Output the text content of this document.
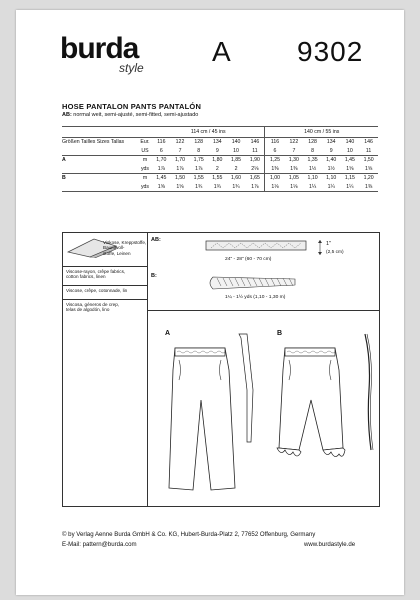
burda
style
A 9302
HOSE PANTALON PANTS PANTALÓN
AB: normal weit, semi-ajusté, semi-fitted, semi-ajustado
		114 cm / 45 ins						140 cm / 55 ins					
Größen Tailles Sizes Tallas	Eur.	116	122	128	134	140	146	116	122	128	134	140	146
	US	6	7	8	9	10	11	6	7	8	9	10	11
A	m	1,70	1,70	1,75	1,80	1,85	1,90	1,25	1,30	1,35	1,40	1,45	1,50
	yds	1⅞	1⅞	1⅞	2	2	2⅛	1⅜	1⅜	1½	1½	1⅝	1⅝
B	m	1,45	1,50	1,55	1,55	1,60	1,65	1,00	1,05	1,10	1,10	1,15	1,20
	yds	1⅝	1⅝	1¾	1¾	1¾	1⅞	1⅛	1⅛	1¼	1¼	1¼	1⅜
Viskose, Kreppstoffe, Baumwoll-
stoffe, Leinen
Viscose-rayon, crêpe fabrics,
cotton fabrics, linen
Viscose, crêpe, cotonnade, lin
Viscosa, géneros de crep,
telas de algodón, lino
AB:
1"
(2,5 cm)
24" - 28" (60 - 70 cm)
B:
1¼ - 1½ yds (1,10 - 1,30 m)
A	B
© by Verlag Aenne Burda GmbH & Co. KG, Hubert-Burda-Platz 2, 77652 Offenburg, Germany
E-Mail: pattern@burda.com	www.burdastyle.de
